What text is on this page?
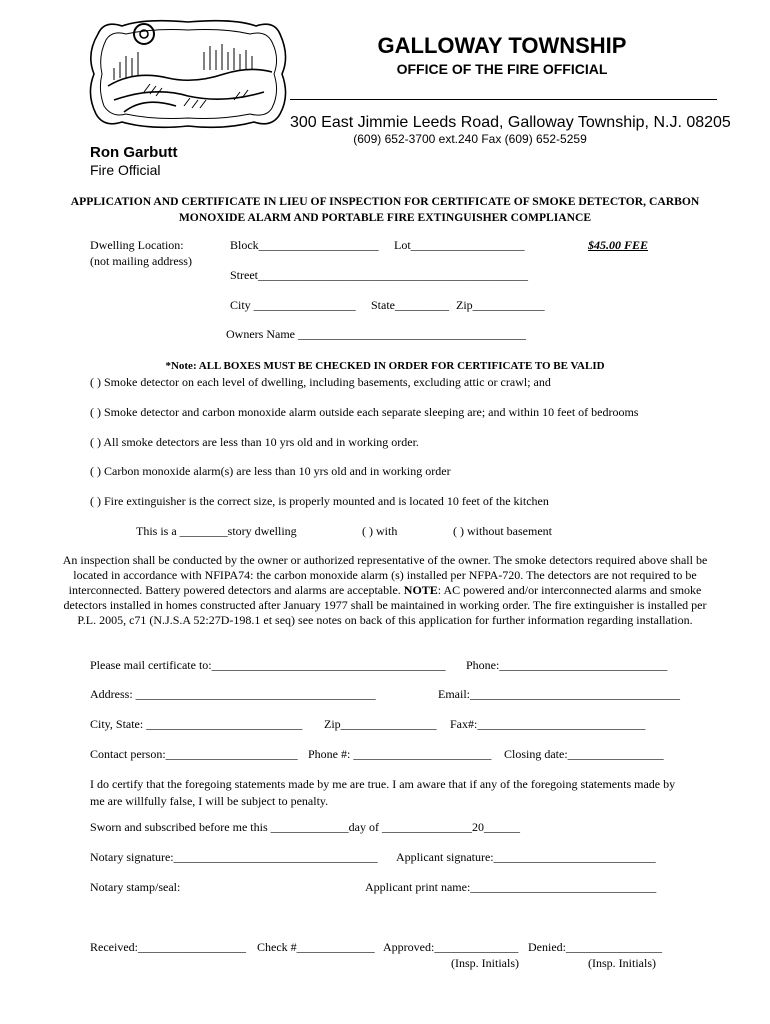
GALLOWAY TOWNSHIP
OFFICE OF THE FIRE OFFICIAL
300 East Jimmie Leeds Road, Galloway Township, N.J. 08205
(609) 652-3700 ext.240 Fax (609) 652-5259
Ron Garbutt
Fire Official
APPLICATION AND CERTIFICATE IN LIEU OF INSPECTION FOR CERTIFICATE OF SMOKE DETECTOR, CARBON MONOXIDE ALARM AND PORTABLE FIRE EXTINGUISHER COMPLIANCE
Dwelling Location:
(not mailing address)
Block____________________ Lot___________________	$45.00 FEE
Street_____________________________________________
City _________________ State_________ Zip____________
Owners Name ______________________________________
*Note: ALL BOXES MUST BE CHECKED IN ORDER FOR CERTIFICATE TO BE VALID
( ) Smoke detector on each level of dwelling, including basements, excluding attic or crawl; and
( ) Smoke detector and carbon monoxide alarm outside each separate sleeping are; and within 10 feet of bedrooms
( ) All smoke detectors are less than 10 yrs old and in working order.
( ) Carbon monoxide alarm(s) are less than 10 yrs old and in working order
( ) Fire extinguisher is the correct size, is properly mounted and is located 10 feet of the kitchen
This is a ________story dwelling	( ) with	( ) without basement
An inspection shall be conducted by the owner or authorized representative of the owner. The smoke detectors required above shall be located in accordance with NFIPA74: the carbon monoxide alarm (s) installed per NFPA-720. The detectors are not required to be interconnected. Battery powered detectors and alarms are acceptable. NOTE: AC powered and/or interconnected alarms and smoke detectors installed in homes constructed after January 1977 shall be maintained in working order. The fire extinguisher is installed per P.L. 2005, c71 (N.J.S.A 52:27D-198.1 et seq) see notes on back of this application for further information regarding installation.
Please mail certificate to:_______________________________________ Phone:____________________________
Address: ________________________________________	Email:___________________________________
City, State: __________________________ Zip________________ Fax#:____________________________
Contact person:______________________ Phone #: _______________________ Closing date:________________
I do certify that the foregoing statements made by me are true. I am aware that if any of the foregoing statements made by me are willfully false, I will be subject to penalty.
Sworn and subscribed before me this _____________day of _______________20______
Notary signature:__________________________________ Applicant signature:___________________________
Notary stamp/seal:	Applicant print name:_______________________________
Received:__________________ Check #_____________ Approved:______________ Denied:________________
(Insp. Initials)	(Insp. Initials)
